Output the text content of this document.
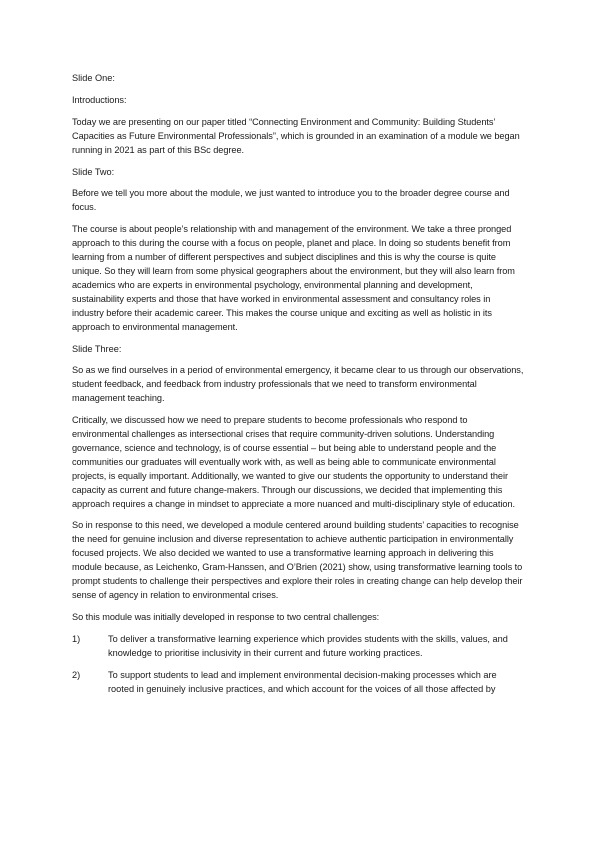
Slide One:
Introductions:
Today we are presenting on our paper titled “Connecting Environment and Community: Building Students’ Capacities as Future Environmental Professionals”, which is grounded in an examination of a module we began running in 2021 as part of this BSc degree.
Slide Two:
Before we tell you more about the module, we just wanted to introduce you to the broader degree course and focus.
The course is about people’s relationship with and management of the environment. We take a three pronged approach to this during the course with a focus on people, planet and place. In doing so students benefit from learning from a number of different perspectives and subject disciplines and this is why the course is quite unique. So they will learn from some physical geographers about the environment, but they will also learn from academics who are experts in environmental psychology, environmental planning and development, sustainability experts and those that have worked in environmental assessment and consultancy roles in industry before their academic career. This makes the course unique and exciting as well as holistic in its approach to environmental management.
Slide Three:
So as we find ourselves in a period of environmental emergency, it became clear to us through our observations, student feedback, and feedback from industry professionals that we need to transform environmental management teaching.
Critically, we discussed how we need to prepare students to become professionals who respond to environmental challenges as intersectional crises that require community-driven solutions. Understanding governance, science and technology, is of course essential – but being able to understand people and the communities our graduates will eventually work with, as well as being able to communicate environmental projects, is equally important. Additionally, we wanted to give our students the opportunity to understand their capacity as current and future change-makers. Through our discussions, we decided that implementing this approach requires a change in mindset to appreciate a more nuanced and multi-disciplinary style of education.
So in response to this need, we developed a module centered around building students’ capacities to recognise the need for genuine inclusion and diverse representation to achieve authentic participation in environmentally focused projects. We also decided we wanted to use a transformative learning approach in delivering this module because, as Leichenko, Gram-Hanssen, and O’Brien (2021) show, using transformative learning tools to prompt students to challenge their perspectives and explore their roles in creating change can help develop their sense of agency in relation to environmental crises.
So this module was initially developed in response to two central challenges:
1)	To deliver a transformative learning experience which provides students with the skills, values, and knowledge to prioritise inclusivity in their current and future working practices.
2)	To support students to lead and implement environmental decision-making processes which are rooted in genuinely inclusive practices, and which account for the voices of all those affected by
